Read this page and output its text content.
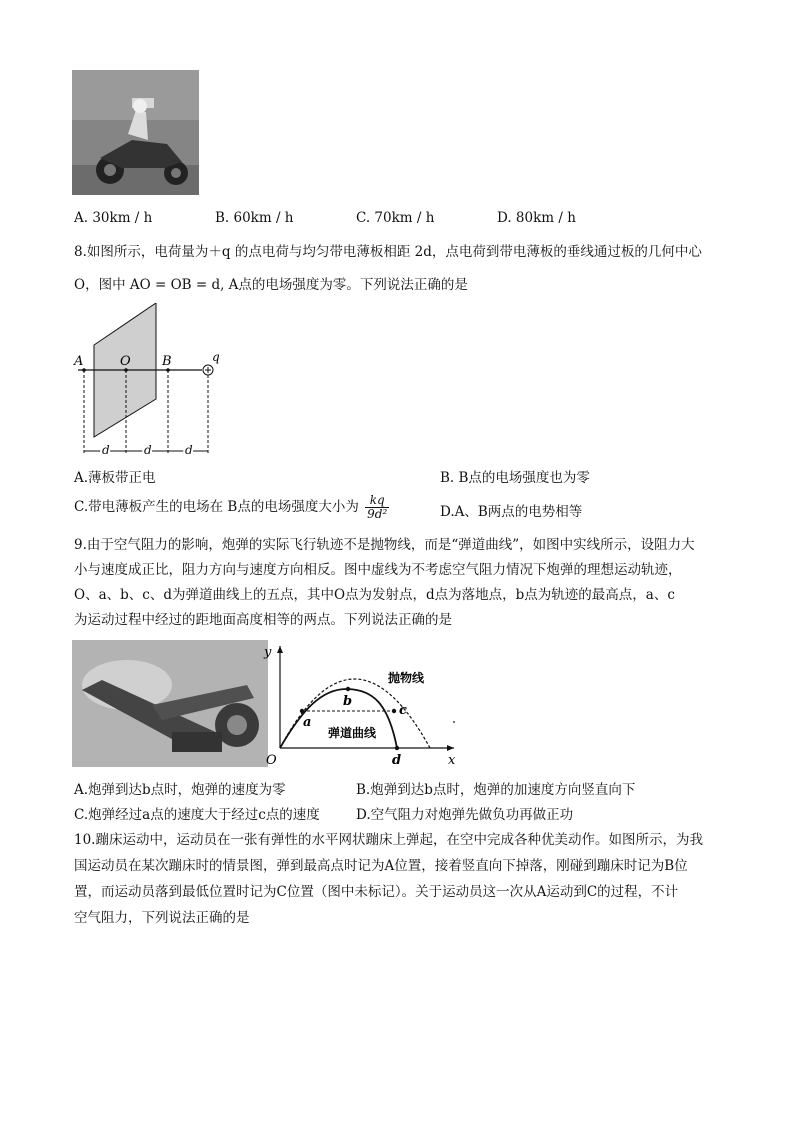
A. 30km / h	B. 60km / h	C. 70km / h	D. 80km / h
8.如图所示，电荷量为＋q 的点电荷与均匀带电薄板相距 2d，点电荷到带电薄板的垂线通过板的几何中心
O，图中 AO = OB = d, A点的电场强度为零。下列说法正确的是
A	O B	q
d	d	d
A.薄板带正电	B. B点的电场强度也为零
C.带电薄板产生的电场在 B点的电场强度大小为 $\frac{kq}{\text{9d²}}$	D.A、B两点的电势相等
9.由于空气阻力的影响，炮弹的实际飞行轨迹不是抛物线，而是“弹道曲线”，如图中实线所示，设阻力大
小与速度成正比，阻力方向与速度方向相反。图中虚线为不考虑空气阻力情况下炮弹的理想运动轨迹，
O、a、b、c、d为弹道曲线上的五点，其中O点为发射点，d点为落地点，b点为轨迹的最高点，a、c
为运动过程中经过的距地面高度相等的两点。下列说法正确的是
y
x
O
a
b
c
d
抛物线
弹道曲线
A.炮弹到达b点时，炮弹的速度为零	B.炮弹到达b点时，炮弹的加速度方向竖直向下
C.炮弹经过a点的速度大于经过c点的速度	D.空气阻力对炮弹先做负功再做正功
10.蹦床运动中，运动员在一张有弹性的水平网状蹦床上弹起，在空中完成各种优美动作。如图所示，为我
国运动员在某次蹦床时的情景图，弹到最高点时记为A位置，接着竖直向下掉落，刚碰到蹦床时记为B位
置，而运动员落到最低位置时记为C位置（图中未标记）。关于运动员这一次从A运动到C的过程，不计
空气阻力，下列说法正确的是
